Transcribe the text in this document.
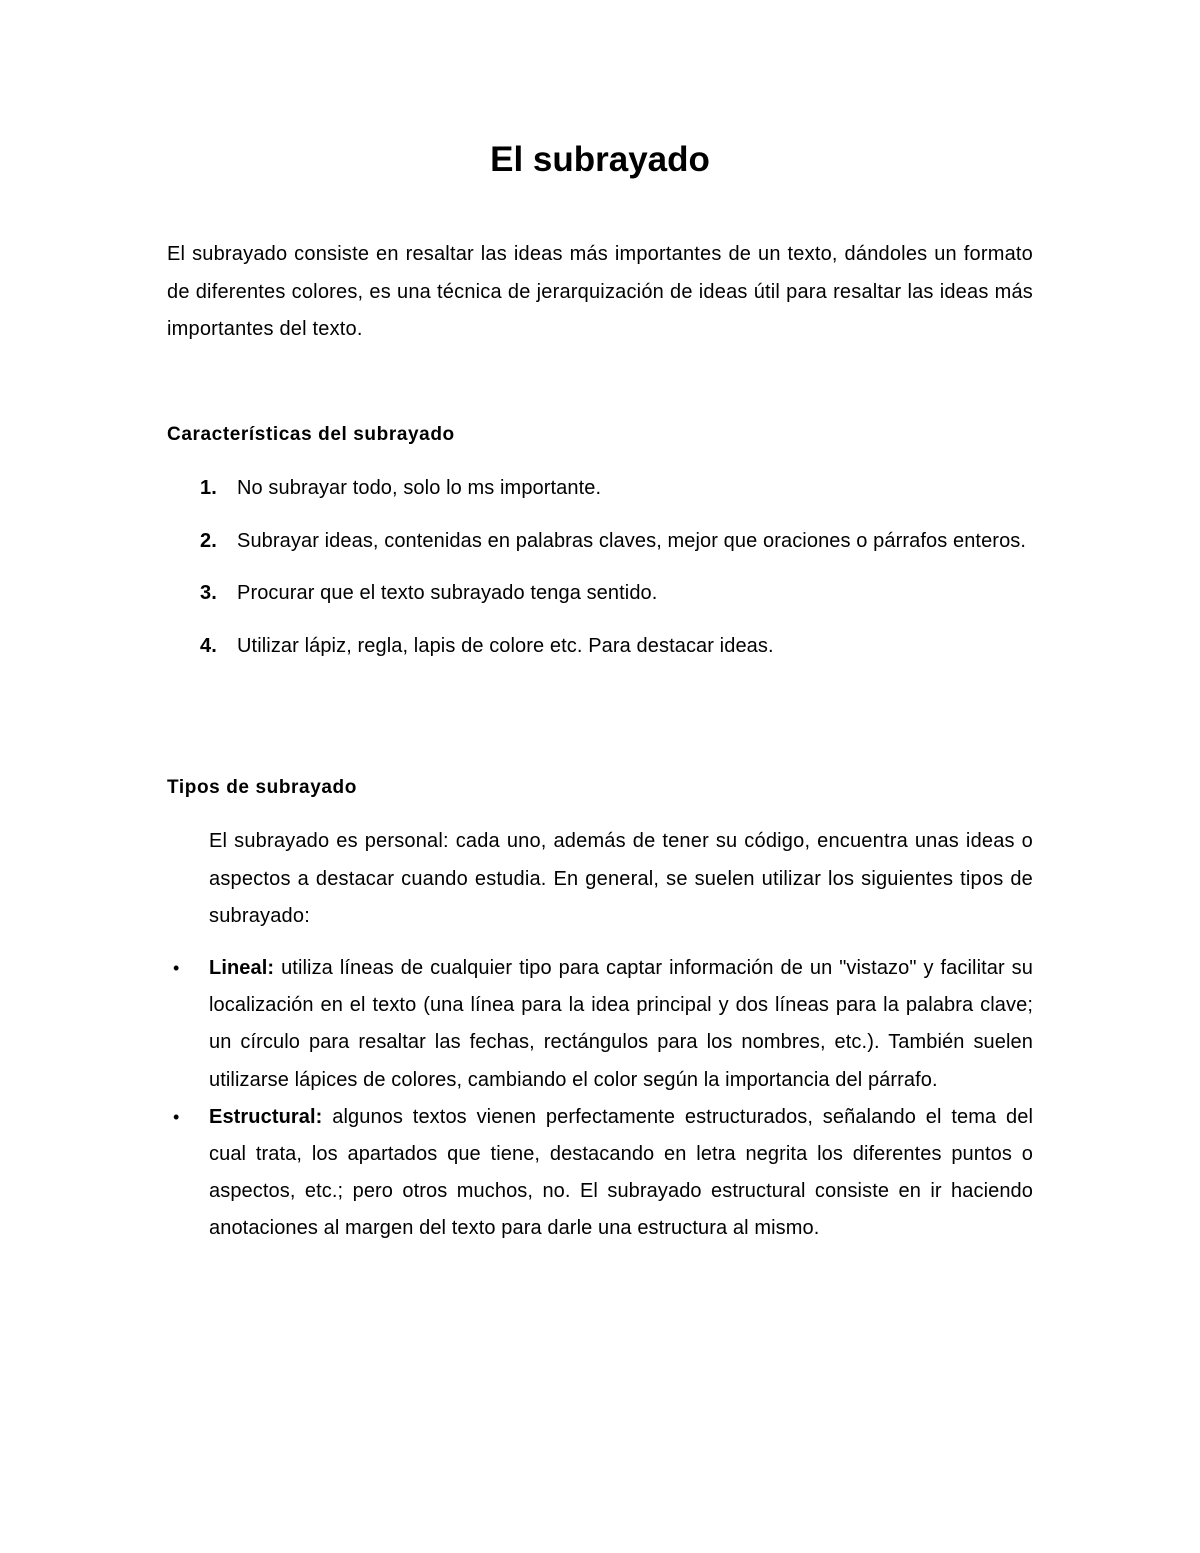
El subrayado

El subrayado consiste en resaltar las ideas más importantes de un texto, dándoles un formato de diferentes colores, es una técnica de jerarquización de ideas útil para resaltar las ideas más importantes del texto.

Características del subrayado
1. No subrayar todo, solo lo ms importante.
2. Subrayar ideas, contenidas en palabras claves, mejor que oraciones o párrafos enteros.
3. Procurar que el texto subrayado tenga sentido.
4. Utilizar lápiz, regla, lapis de colore etc. Para destacar ideas.
Tipos de subrayado

El subrayado es personal: cada uno, además de tener su código, encuentra unas ideas o aspectos a destacar cuando estudia. En general, se suelen utilizar los siguientes tipos de subrayado:

• Lineal: utiliza líneas de cualquier tipo para captar información de un "vistazo" y facilitar su localización en el texto (una línea para la idea principal y dos líneas para la palabra clave; un círculo para resaltar las fechas, rectángulos para los nombres, etc.). También suelen utilizarse lápices de colores, cambiando el color según la importancia del párrafo.
• Estructural: algunos textos vienen perfectamente estructurados, señalando el tema del cual trata, los apartados que tiene, destacando en letra negrita los diferentes puntos o aspectos, etc.; pero otros muchos, no. El subrayado estructural consiste en ir haciendo anotaciones al margen del texto para darle una estructura al mismo.
